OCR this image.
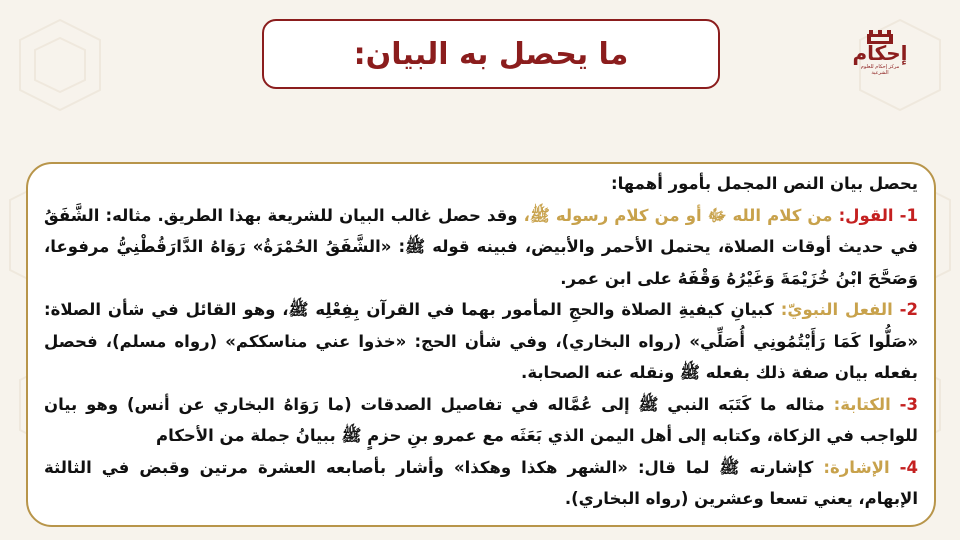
ما يحصل به البيان:	إحكام
مركز إحكام للعلوم الشرعية

يحصل بيان النص المجمل بأمور أهمها:

1- القول: من كلام الله ﷻ أو من كلام رسوله ﷺ، وقد حصل غالب البيان للشريعة بهذا الطريق. مثاله: الشَّفَقُ في حديث أوقات الصلاة، يحتمل الأحمر والأبيض، فبينه قوله ﷺ: «الشَّفَقُ الحُمْرَةُ» رَوَاهُ الدَّارَقُطْنِيُّ مرفوعا، وَصَحَّحَ ابْنُ خُزَيْمَةَ وَغَيْرُهُ وَقْفَهُ على ابن عمر.

2- الفعل النبويّ: كبيانِ كيفيةِ الصلاة والحجِ المأمور بهما في القرآن بِفِعْلِه ﷺ، وهو القائل في شأن الصلاة: «صَلُّوا كَمَا رَأَيْتُمُونِي أُصَلِّي» (رواه البخاري)، وفي شأن الحج: «خذوا عني مناسككم» (رواه مسلم)، فحصل بفعله بيان صفة ذلك بفعله ﷺ ونقله عنه الصحابة.

3- الكتابة: مثاله ما كَتَبَه النبي ﷺ إلى عُمَّاله في تفاصيل الصدقات (ما رَوَاهُ البخاري عن أنس) وهو بيان للواجب في الزكاة، وكتابه إلى أهل اليمن الذي بَعَثَه مع عمرو بنِ حزمٍ ﷺ ببيانُ جملة من الأحكام

4- الإشارة: كإشارته ﷺ لما قال: «الشهر هكذا وهكذا» وأشار بأصابعه العشرة مرتين وقبض في الثالثة الإبهام، يعني تسعا وعشرين (رواه البخاري).
